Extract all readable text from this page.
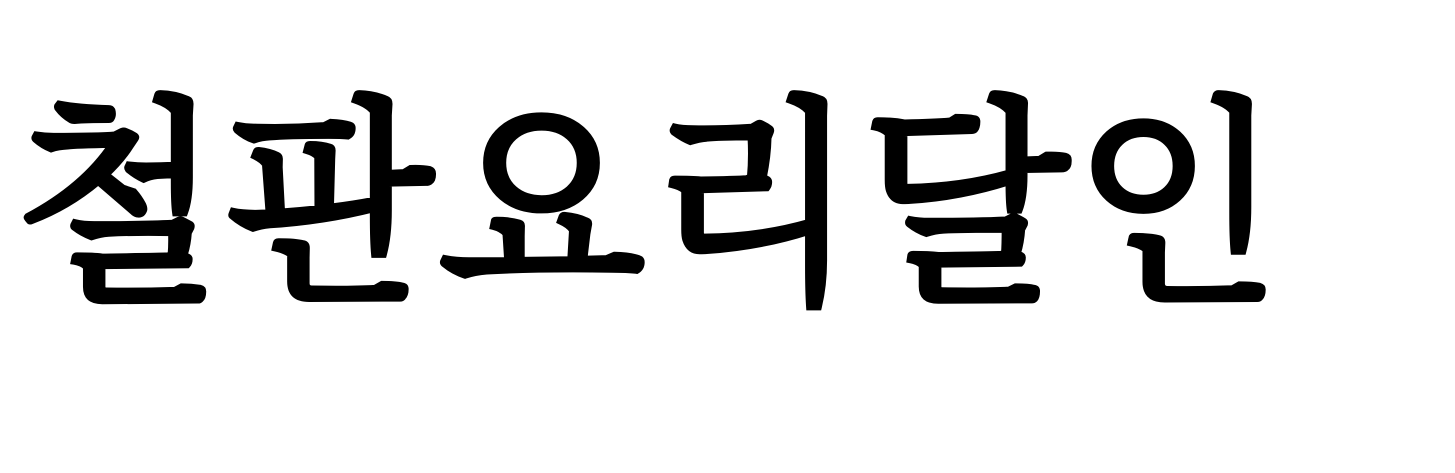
철판요리달인
